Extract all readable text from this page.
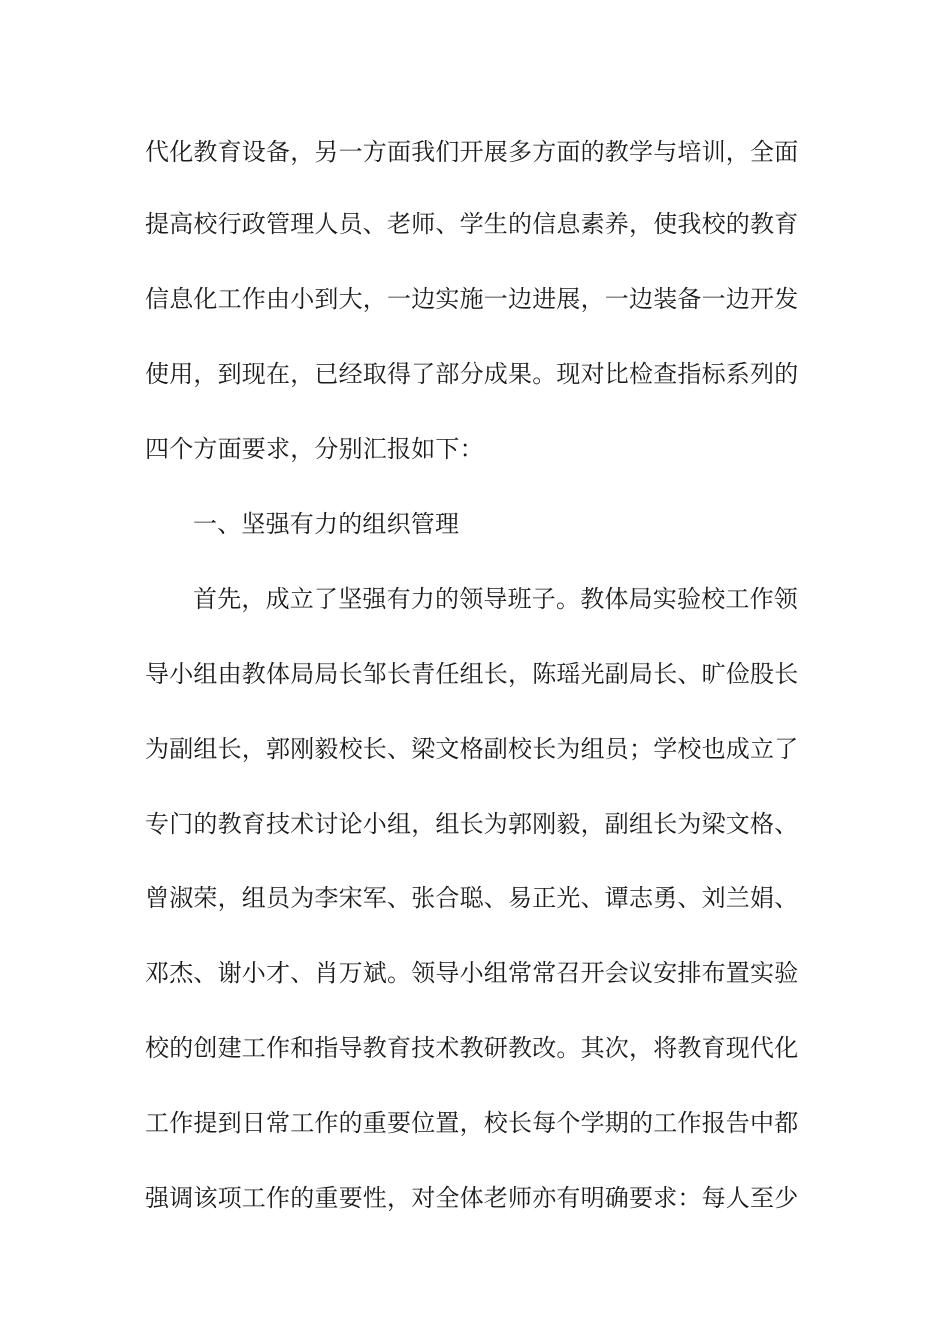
代化教育设备，另一方面我们开展多方面的教学与培训，全面
提高校行政管理人员、老师、学生的信息素养，使我校的教育
信息化工作由小到大，一边实施一边进展，一边装备一边开发
使用，到现在，已经取得了部分成果。现对比检查指标系列的
四个方面要求，分别汇报如下：
一、坚强有力的组织管理
首先，成立了坚强有力的领导班子。教体局实验校工作领
导小组由教体局局长邹长青任组长，陈瑶光副局长、旷俭股长
为副组长，郭刚毅校长、梁文格副校长为组员；学校也成立了
专门的教育技术讨论小组，组长为郭刚毅，副组长为梁文格、
曾淑荣，组员为李宋军、张合聪、易正光、谭志勇、刘兰娟、
邓杰、谢小才、肖万斌。领导小组常常召开会议安排布置实验
校的创建工作和指导教育技术教研教改。其次，将教育现代化
工作提到日常工作的重要位置，校长每个学期的工作报告中都
强调该项工作的重要性，对全体老师亦有明确要求：每人至少
